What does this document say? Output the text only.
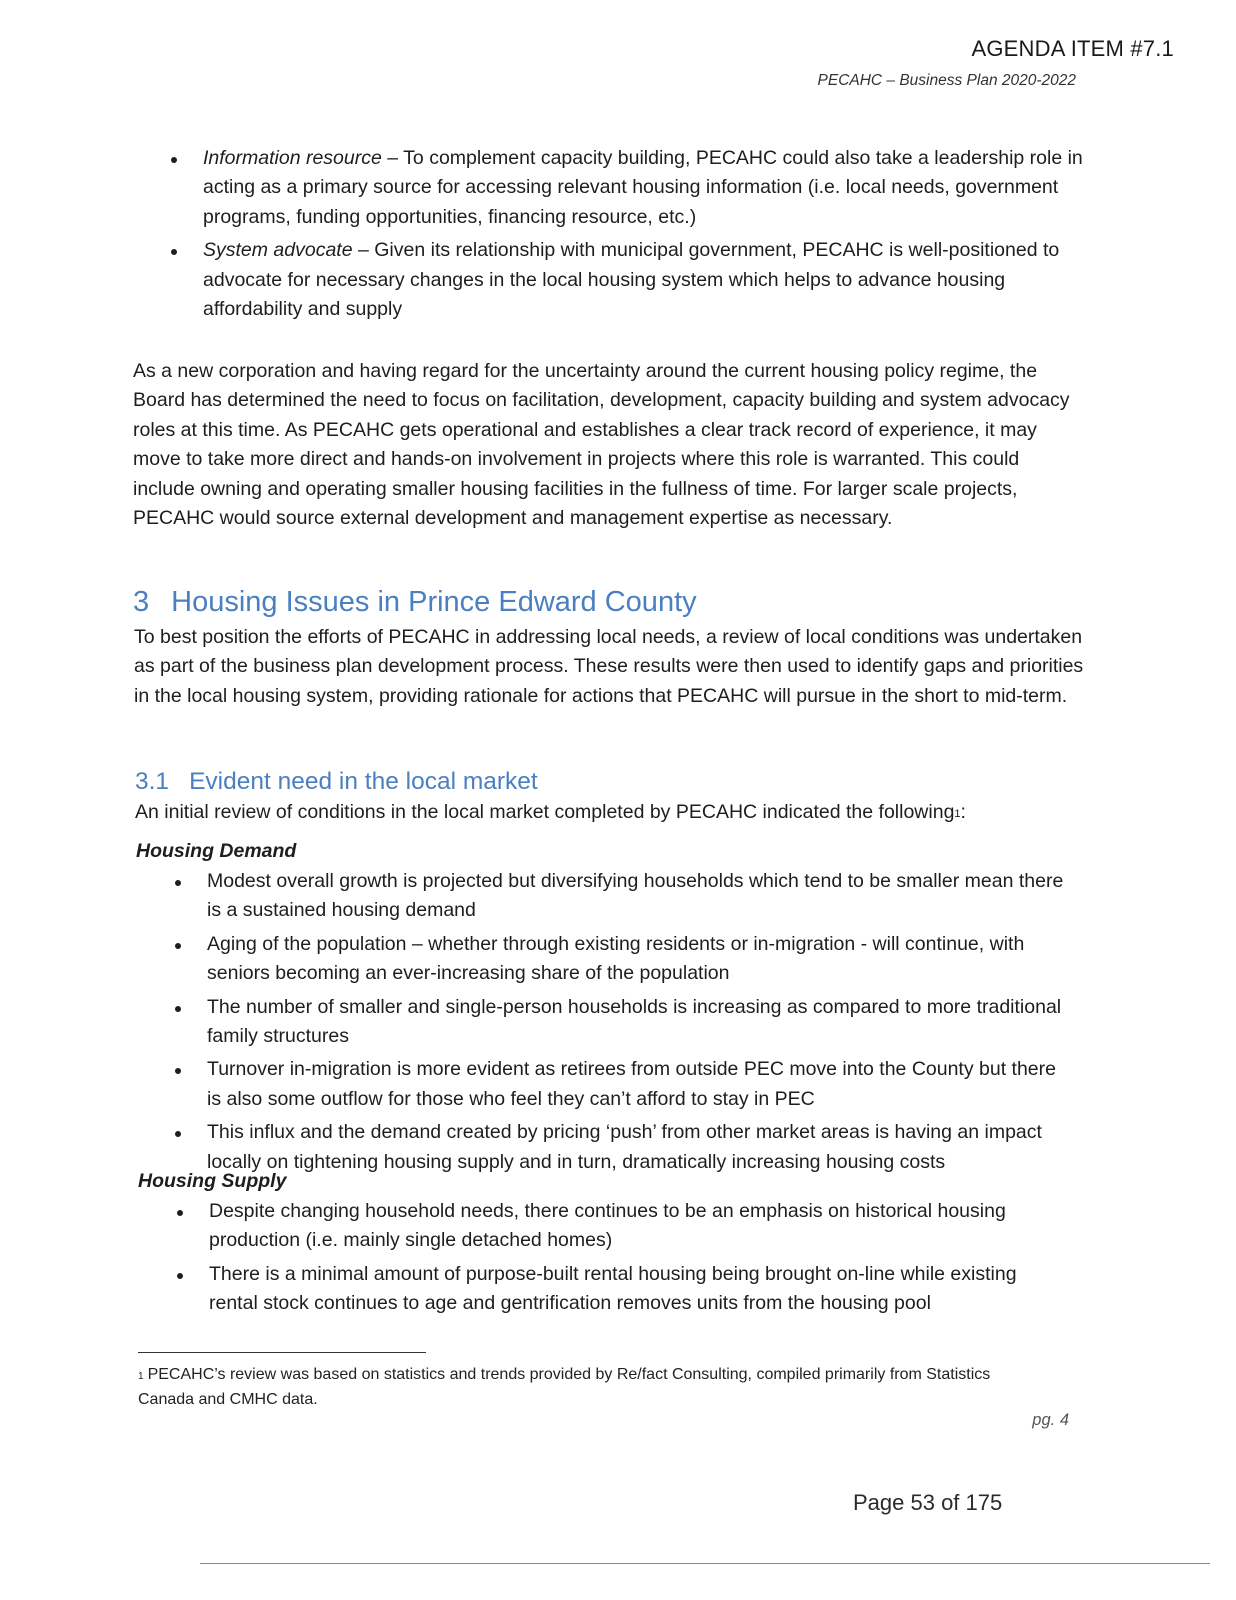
AGENDA ITEM #7.1
PECAHC – Business Plan 2020-2022
Information resource – To complement capacity building, PECAHC could also take a leadership role in acting as a primary source for accessing relevant housing information (i.e. local needs, government programs, funding opportunities, financing resource, etc.)
System advocate – Given its relationship with municipal government, PECAHC is well-positioned to advocate for necessary changes in the local housing system which helps to advance housing affordability and supply

As a new corporation and having regard for the uncertainty around the current housing policy regime, the Board has determined the need to focus on facilitation, development, capacity building and system advocacy roles at this time. As PECAHC gets operational and establishes a clear track record of experience, it may move to take more direct and hands-on involvement in projects where this role is warranted. This could include owning and operating smaller housing facilities in the fullness of time. For larger scale projects, PECAHC would source external development and management expertise as necessary.

3 Housing Issues in Prince Edward County

To best position the efforts of PECAHC in addressing local needs, a review of local conditions was undertaken as part of the business plan development process. These results were then used to identify gaps and priorities in the local housing system, providing rationale for actions that PECAHC will pursue in the short to mid-term.

3.1 Evident need in the local market

An initial review of conditions in the local market completed by PECAHC indicated the following$^1$:

Housing Demand
Modest overall growth is projected but diversifying households which tend to be smaller mean there is a sustained housing demand
Aging of the population – whether through existing residents or in-migration - will continue, with seniors becoming an ever-increasing share of the population
The number of smaller and single-person households is increasing as compared to more traditional family structures
Turnover in-migration is more evident as retirees from outside PEC move into the County but there is also some outflow for those who feel they can’t afford to stay in PEC
This influx and the demand created by pricing ‘push’ from other market areas is having an impact locally on tightening housing supply and in turn, dramatically increasing housing costs
Housing Supply
Despite changing household needs, there continues to be an emphasis on historical housing production (i.e. mainly single detached homes)
There is a minimal amount of purpose-built rental housing being brought on-line while existing rental stock continues to age and gentrification removes units from the housing pool
$^1$ PECAHC’s review was based on statistics and trends provided by Re/fact Consulting, compiled primarily from Statistics Canada and CMHC data.
pg. 4
Page 53 of 175
